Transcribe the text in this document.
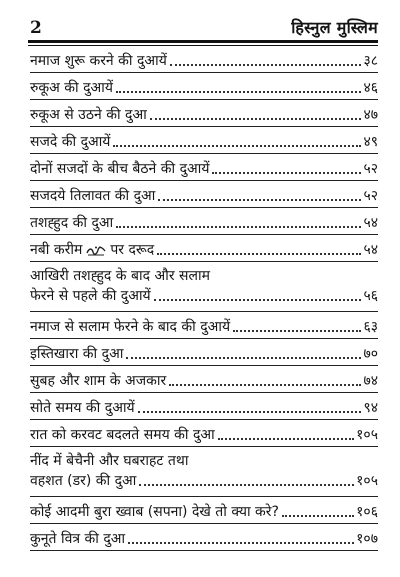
2	हिस्नुल मुस्लिम
नमाज शुरू करने की दुआयें	३८
रुकूअ की दुआयें	४६
रुकूअ से उठने की दुआ	४७
सजदे की दुआयें	४९
दोनों सजदों के बीच बैठने की दुआयें	५२
सजदये तिलावत की दुआ	५२
तशह्हुद की दुआ	५४
नबी करीम पर दरूद	५४
आखिरी तशह्हुद के बाद और सलाम
फेरने से पहले की दुआयें	५६
नमाज से सलाम फेरने के बाद की दुआयें	६३
इस्तिखारा की दुआ	७०
सुबह और शाम के अजकार	७४
सोते समय की दुआयें	९४
रात को करवट बदलते समय की दुआ	१०५
नींद में बेचैनी और घबराहट तथा
वहशत (डर) की दुआ	१०५
कोई आदमी बुरा ख्वाब (सपना) देखे तो क्या करे?	१०६
कुनूते वित्र की दुआ	१०७
